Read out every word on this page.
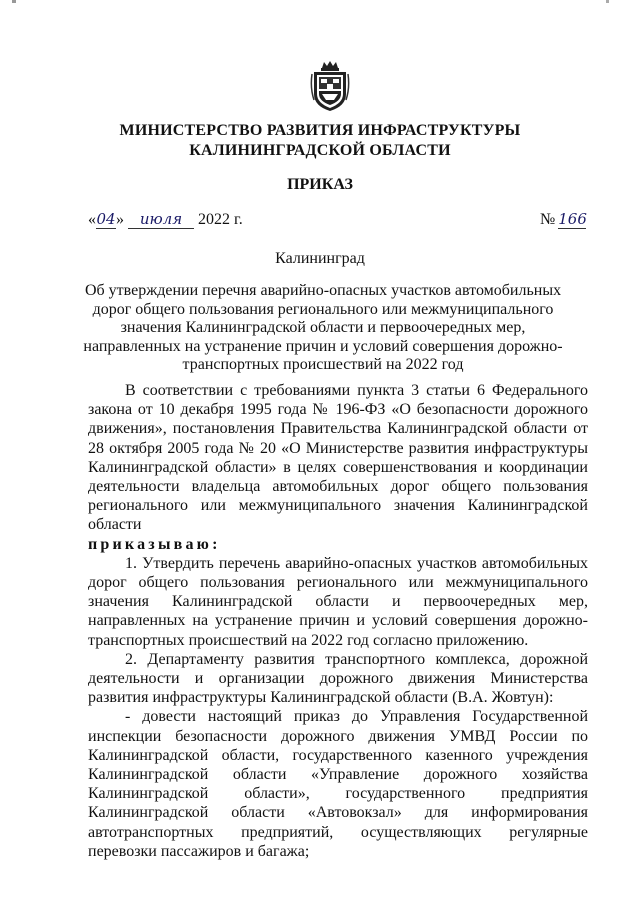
МИНИСТЕРСТВО РАЗВИТИЯ ИНФРАСТРУКТУРЫ
КАЛИНИНГРАДСКОЙ ОБЛАСТИ
ПРИКАЗ
«04» июля 2022 г.	№ 166
Калининград
Об утверждении перечня аварийно-опасных участков автомобильных дорог общего пользования регионального или межмуниципального значения Калининградской области и первоочередных мер, направленных на устранение причин и условий совершения дорожно-транспортных происшествий на 2022 год

В соответствии с требованиями пункта 3 статьи 6 Федерального закона от 10 декабря 1995 года № 196-ФЗ «О безопасности дорожного движения», постановления Правительства Калининградской области от 28 октября 2005 года № 20 «О Министерстве развития инфраструктуры Калининградской области» в целях совершенствования и координации деятельности владельца автомобильных дорог общего пользования регионального или межмуниципального значения Калининградской области

приказываю:

1. Утвердить перечень аварийно-опасных участков автомобильных дорог общего пользования регионального или межмуниципального значения Калининградской области и первоочередных мер, направленных на устранение причин и условий совершения дорожно-транспортных происшествий на 2022 год согласно приложению.

2. Департаменту развития транспортного комплекса, дорожной деятельности и организации дорожного движения Министерства развития инфраструктуры Калининградской области (В.А. Жовтун):

- довести настоящий приказ до Управления Государственной инспекции безопасности дорожного движения УМВД России по Калининградской области, государственного казенного учреждения Калининградской области «Управление дорожного хозяйства Калининградской области», государственного предприятия Калининградской области «Автовокзал» для информирования автотранспортных предприятий, осуществляющих регулярные перевозки пассажиров и багажа;
